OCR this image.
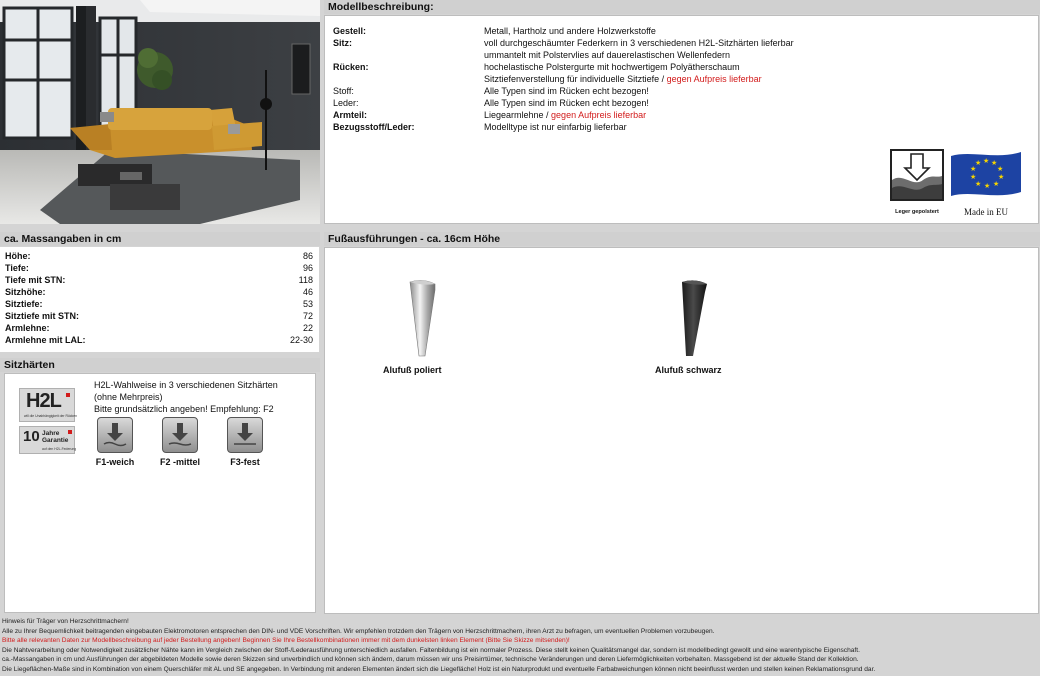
Modellbeschreibung:
Gestell:	Metall, Hartholz und andere Holzwerkstoffe
Sitz:	voll durchgeschäumter Federkern in 3 verschiedenen H2L-Sitzhärten lieferbar
ummantelt mit Polstervlies auf dauerelastischen Wellenfedern
Rücken:	hochelastische Polstergurte mit hochwertigem Polyätherschaum
Sitztiefenverstellung für individuelle Sitztiefe / gegen Aufpreis lieferbar
Stoff:	Alle Typen sind im Rücken echt bezogen!
Leder:	Alle Typen sind im Rücken echt bezogen!
Armteil:	Liegearmlehne / gegen Aufpreis lieferbar
Bezugsstoff/Leder:	Modelltype ist nur einfarbig lieferbar
Leger gepolstert
★ ★
★
★
★
★
★
★
★
★
Made in EU
ca. Massangaben in cm
Höhe:	86
Tiefe:	96
Tiefe mit STN:	118
Sitzhöhe:	46
Sitztiefe:	53
Sitztiefe mit STN:	72
Armlehne:	22
Armlehne mit LAL:	22-30
Sitzhärten
H2L
will die Unabhängigkeit der Rücken
10 Jahre
Garantie
auf den H2L-Federung
H2L-Wahlweise in 3 verschiedenen Sitzhärten
(ohne Mehrpreis)
Bitte grundsätzlich angeben! Empfehlung: F2
F1-weich	F2 -mittel	F3-fest
Fußausführungen - ca. 16cm Höhe
Alufuß poliert	Alufuß schwarz
Hinweis für Träger von Herzschrittmachern!
Alle zu Ihrer Bequemlichkeit beitragenden eingebauten Elektromotoren entsprechen den DIN- und VDE Vorschriften. Wir empfehlen trotzdem den Trägern von Herzschrittmachern, ihren Arzt zu befragen, um eventuellen Problemen vorzubeugen.
Bitte alle relevanten Daten zur Modellbeschreibung auf jeder Bestellung angeben! Beginnen Sie Ihre Bestellkombinationen immer mit dem dunkelsten linken Element (Bitte Sie Skizze mitsenden)!
Die Nahtverarbeitung oder Notwendigkeit zusätzlicher Nähte kann im Vergleich zwischen der Stoff-/Lederausführung unterschiedlich ausfallen. Faltenbildung ist ein normaler Prozess. Diese stellt keinen Qualitätsmangel dar, sondern ist modellbedingt gewollt und eine warentypische Eigenschaft.
ca.-Massangaben in cm und Ausführungen der abgebildeten Modelle sowie deren Skizzen sind unverbindlich und können sich ändern, darum müssen wir uns Preisirrtümer, technische Veränderungen und deren Liefermöglichkeiten vorbehalten. Massgebend ist der aktuelle Stand der Kollektion.
Die Liegeflächen-Maße sind in Kombination von einem Querschläfer mit AL und SE angegeben. In Verbindung mit anderen Elementen ändert sich die Liegefläche! Holz ist ein Naturprodukt und eventuelle Farbabweichungen können nicht beeinflusst werden und stellen keinen Reklamationsgrund dar.
